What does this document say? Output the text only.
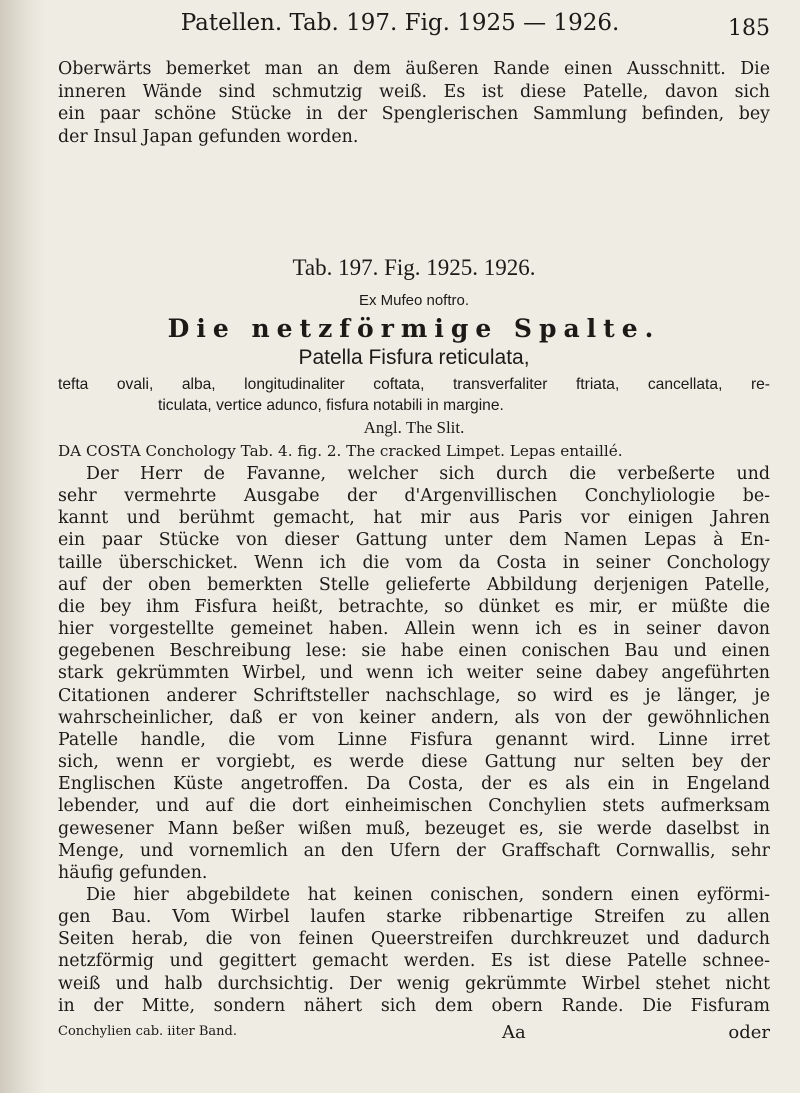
Patellen. Tab. 197. Fig. 1925 — 1926.	185
Oberwärts bemerket man an dem äußeren Rande einen Ausschnitt. Die
inneren Wände sind schmutzig weiß. Es ist diese Patelle, davon sich
ein paar schöne Stücke in der Spenglerischen Sammlung befinden, bey
der Insul Japan gefunden worden.
Tab. 197. Fig. 1925. 1926.
Ex Mufeo noftro.
Die netzförmige Spalte.
Patella Fisfura reticulata,
tefta ovali, alba, longitudinaliter coftata, transverfaliter ftriata, cancellata, re-
ticulata, vertice adunco, fisfura notabili in margine.
Angl. The Slit.
DA COSTA Conchology Tab. 4. fig. 2. The cracked Limpet. Lepas entaillé.
Der Herr de Favanne, welcher sich durch die verbeßerte und
sehr vermehrte Ausgabe der d'Argenvillischen Conchyliologie be-
kannt und berühmt gemacht, hat mir aus Paris vor einigen Jahren
ein paar Stücke von dieser Gattung unter dem Namen Lepas à En-
taille überschicket. Wenn ich die vom da Costa in seiner Conchology
auf der oben bemerkten Stelle gelieferte Abbildung derjenigen Patelle,
die bey ihm Fisfura heißt, betrachte, so dünket es mir, er müßte die
hier vorgestellte gemeinet haben. Allein wenn ich es in seiner davon
gegebenen Beschreibung lese: sie habe einen conischen Bau und einen
stark gekrümmten Wirbel, und wenn ich weiter seine dabey angeführten
Citationen anderer Schriftsteller nachschlage, so wird es je länger, je
wahrscheinlicher, daß er von keiner andern, als von der gewöhnlichen
Patelle handle, die vom Linne Fisfura genannt wird. Linne irret
sich, wenn er vorgiebt, es werde diese Gattung nur selten bey der
Englischen Küste angetroffen. Da Costa, der es als ein in Engeland
lebender, und auf die dort einheimischen Conchylien stets aufmerksam
gewesener Mann beßer wißen muß, bezeuget es, sie werde daselbst in
Menge, und vornemlich an den Ufern der Graffschaft Cornwallis, sehr
häufig gefunden.
Die hier abgebildete hat keinen conischen, sondern einen eyförmi-
gen Bau. Vom Wirbel laufen starke ribbenartige Streifen zu allen
Seiten herab, die von feinen Queerstreifen durchkreuzet und dadurch
netzförmig und gegittert gemacht werden. Es ist diese Patelle schnee-
weiß und halb durchsichtig. Der wenig gekrümmte Wirbel stehet nicht
in der Mitte, sondern nähert sich dem obern Rande. Die Fisfuram
Conchylien cab. iiter Band.	Aa	oder
